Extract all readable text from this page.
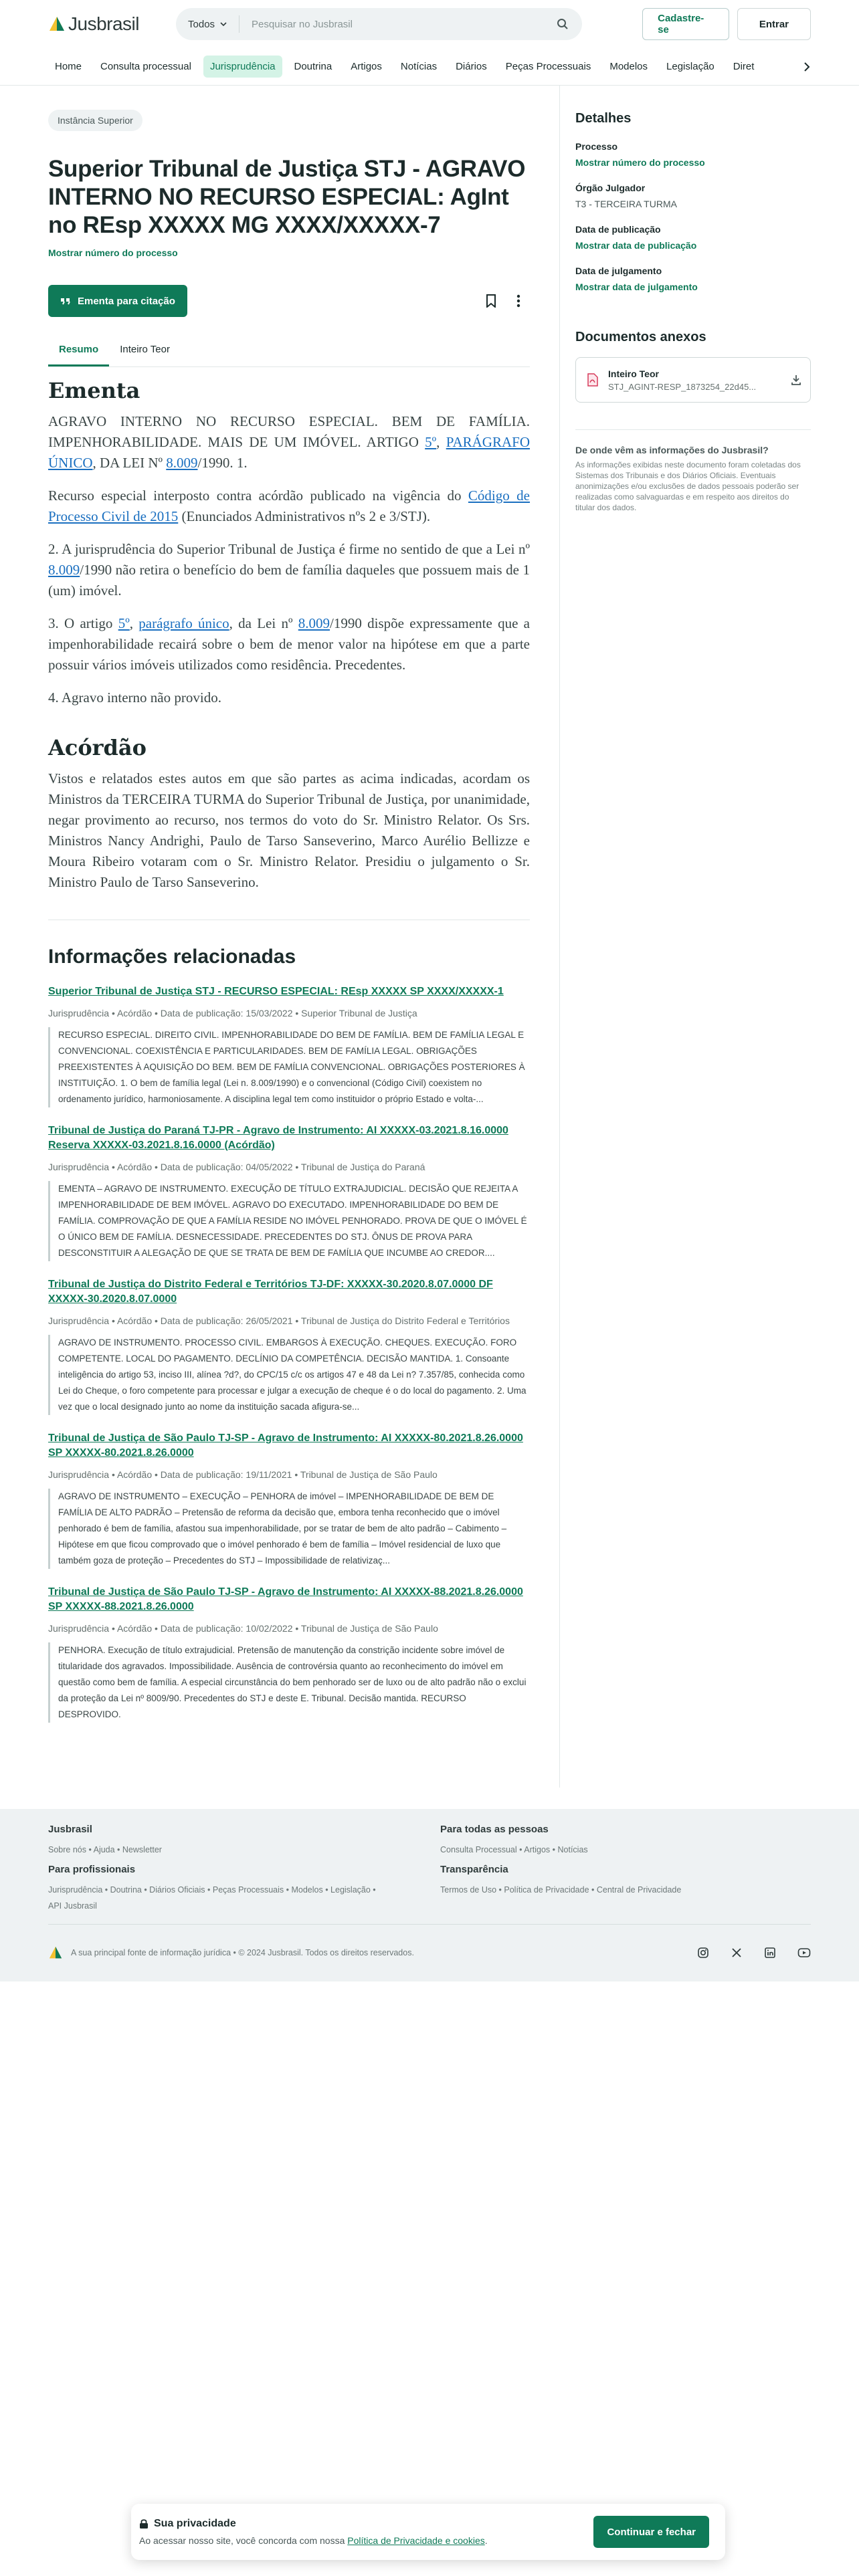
Jusbrasil	Todos	Pesquisar no Jusbrasil	Cadastre-se	Entrar
Home	Consulta processual	Jurisprudência	Doutrina	Artigos	Notícias	Diários	Peças Processuais	Modelos	Legislação	Diret
Instância Superior
Superior Tribunal de Justiça STJ - AGRAVO INTERNO NO RECURSO ESPECIAL: AgInt no REsp XXXXX MG XXXX/XXXXX-7
Mostrar número do processo
Ementa para citação
Resumo	Inteiro Teor
Ementa

AGRAVO INTERNO NO RECURSO ESPECIAL. BEM DE FAMÍLIA. IMPENHORABILIDADE. MAIS DE UM IMÓVEL. ARTIGO 5º, PARÁGRAFO ÚNICO, DA LEI Nº 8.009/1990. 1.

Recurso especial interposto contra acórdão publicado na vigência do Código de Processo Civil de 2015 (Enunciados Administrativos nºs 2 e 3/STJ).

2. A jurisprudência do Superior Tribunal de Justiça é firme no sentido de que a Lei nº 8.009/1990 não retira o benefício do bem de família daqueles que possuem mais de 1 (um) imóvel.

3. O artigo 5º, parágrafo único, da Lei nº 8.009/1990 dispõe expressamente que a impenhorabilidade recairá sobre o bem de menor valor na hipótese em que a parte possuir vários imóveis utilizados como residência. Precedentes.

4. Agravo interno não provido.

Acórdão

Vistos e relatados estes autos em que são partes as acima indicadas, acordam os Ministros da TERCEIRA TURMA do Superior Tribunal de Justiça, por unanimidade, negar provimento ao recurso, nos termos do voto do Sr. Ministro Relator. Os Srs. Ministros Nancy Andrighi, Paulo de Tarso Sanseverino, Marco Aurélio Bellizze e Moura Ribeiro votaram com o Sr. Ministro Relator. Presidiu o julgamento o Sr. Ministro Paulo de Tarso Sanseverino.

Informações relacionadas
Superior Tribunal de Justiça STJ - RECURSO ESPECIAL: REsp XXXXX SP XXXX/XXXXX-1
Jurisprudência • Acórdão • Data de publicação: 15/03/2022 • Superior Tribunal de Justiça
RECURSO ESPECIAL. DIREITO CIVIL. IMPENHORABILIDADE DO BEM DE FAMÍLIA. BEM DE FAMÍLIA LEGAL E CONVENCIONAL. COEXISTÊNCIA E PARTICULARIDADES. BEM DE FAMÍLIA LEGAL. OBRIGAÇÕES PREEXISTENTES À AQUISIÇÃO DO BEM. BEM DE FAMÍLIA CONVENCIONAL. OBRIGAÇÕES POSTERIORES À INSTITUIÇÃO. 1. O bem de família legal (Lei n. 8.009/1990) e o convencional (Código Civil) coexistem no ordenamento jurídico, harmoniosamente. A disciplina legal tem como instituidor o próprio Estado e volta-...
Tribunal de Justiça do Paraná TJ-PR - Agravo de Instrumento: AI XXXXX-03.2021.8.16.0000 Reserva XXXXX-03.2021.8.16.0000 (Acórdão)
Jurisprudência • Acórdão • Data de publicação: 04/05/2022 • Tribunal de Justiça do Paraná
EMENTA – AGRAVO DE INSTRUMENTO. EXECUÇÃO DE TÍTULO EXTRAJUDICIAL. DECISÃO QUE REJEITA A IMPENHORABILIDADE DE BEM IMÓVEL. AGRAVO DO EXECUTADO. IMPENHORABILIDADE DO BEM DE FAMÍLIA. COMPROVAÇÃO DE QUE A FAMÍLIA RESIDE NO IMÓVEL PENHORADO. PROVA DE QUE O IMÓVEL É O ÚNICO BEM DE FAMÍLIA. DESNECESSIDADE. PRECEDENTES DO STJ. ÔNUS DE PROVA PARA DESCONSTITUIR A ALEGAÇÃO DE QUE SE TRATA DE BEM DE FAMÍLIA QUE INCUMBE AO CREDOR....
Tribunal de Justiça do Distrito Federal e Territórios TJ-DF: XXXXX-30.2020.8.07.0000 DF XXXXX-30.2020.8.07.0000
Jurisprudência • Acórdão • Data de publicação: 26/05/2021 • Tribunal de Justiça do Distrito Federal e Territórios
AGRAVO DE INSTRUMENTO. PROCESSO CIVIL. EMBARGOS À EXECUÇÃO. CHEQUES. EXECUÇÃO. FORO COMPETENTE. LOCAL DO PAGAMENTO. DECLÍNIO DA COMPETÊNCIA. DECISÃO MANTIDA. 1. Consoante inteligência do artigo 53, inciso III, alínea ?d?, do CPC/15 c/c os artigos 47 e 48 da Lei n? 7.357/85, conhecida como Lei do Cheque, o foro competente para processar e julgar a execução de cheque é o do local do pagamento. 2. Uma vez que o local designado junto ao nome da instituição sacada afigura-se...
Tribunal de Justiça de São Paulo TJ-SP - Agravo de Instrumento: AI XXXXX-80.2021.8.26.0000 SP XXXXX-80.2021.8.26.0000
Jurisprudência • Acórdão • Data de publicação: 19/11/2021 • Tribunal de Justiça de São Paulo
AGRAVO DE INSTRUMENTO – EXECUÇÃO – PENHORA de imóvel – IMPENHORABILIDADE DE BEM DE FAMÍLIA DE ALTO PADRÃO – Pretensão de reforma da decisão que, embora tenha reconhecido que o imóvel penhorado é bem de família, afastou sua impenhorabilidade, por se tratar de bem de alto padrão – Cabimento – Hipótese em que ficou comprovado que o imóvel penhorado é bem de família – Imóvel residencial de luxo que também goza de proteção – Precedentes do STJ – Impossibilidade de relativizaç...
Tribunal de Justiça de São Paulo TJ-SP - Agravo de Instrumento: AI XXXXX-88.2021.8.26.0000 SP XXXXX-88.2021.8.26.0000
Jurisprudência • Acórdão • Data de publicação: 10/02/2022 • Tribunal de Justiça de São Paulo
PENHORA. Execução de título extrajudicial. Pretensão de manutenção da constrição incidente sobre imóvel de titularidade dos agravados. Impossibilidade. Ausência de controvérsia quanto ao reconhecimento do imóvel em questão como bem de família. A especial circunstância do bem penhorado ser de luxo ou de alto padrão não o exclui da proteção da Lei nº 8009/90. Precedentes do STJ e deste E. Tribunal. Decisão mantida. RECURSO DESPROVIDO.
Detalhes
Processo
Mostrar número do processo
Órgão Julgador
T3 - TERCEIRA TURMA
Data de publicação
Mostrar data de publicação
Data de julgamento
Mostrar data de julgamento
Documentos anexos
Inteiro Teor
STJ_AGINT-RESP_1873254_22d45...
De onde vêm as informações do Jusbrasil?
As informações exibidas neste documento foram coletadas dos Sistemas dos Tribunais e dos Diários Oficiais. Eventuais anonimizações e/ou exclusões de dados pessoais poderão ser realizadas como salvaguardas e em respeito aos direitos do titular dos dados.
Jusbrasil
Sobre nós • Ajuda • Newsletter
Para todas as pessoas
Consulta Processual • Artigos • Notícias
Para profissionais
Jurisprudência • Doutrina • Diários Oficiais • Peças Processuais • Modelos • Legislação •
API Jusbrasil
Transparência
Termos de Uso • Política de Privacidade • Central de Privacidade
A sua principal fonte de informação jurídica • © 2024 Jusbrasil. Todos os direitos reservados.
Sua privacidade
Ao acessar nosso site, você concorda com nossa Política de Privacidade e cookies.
Continuar e fechar
